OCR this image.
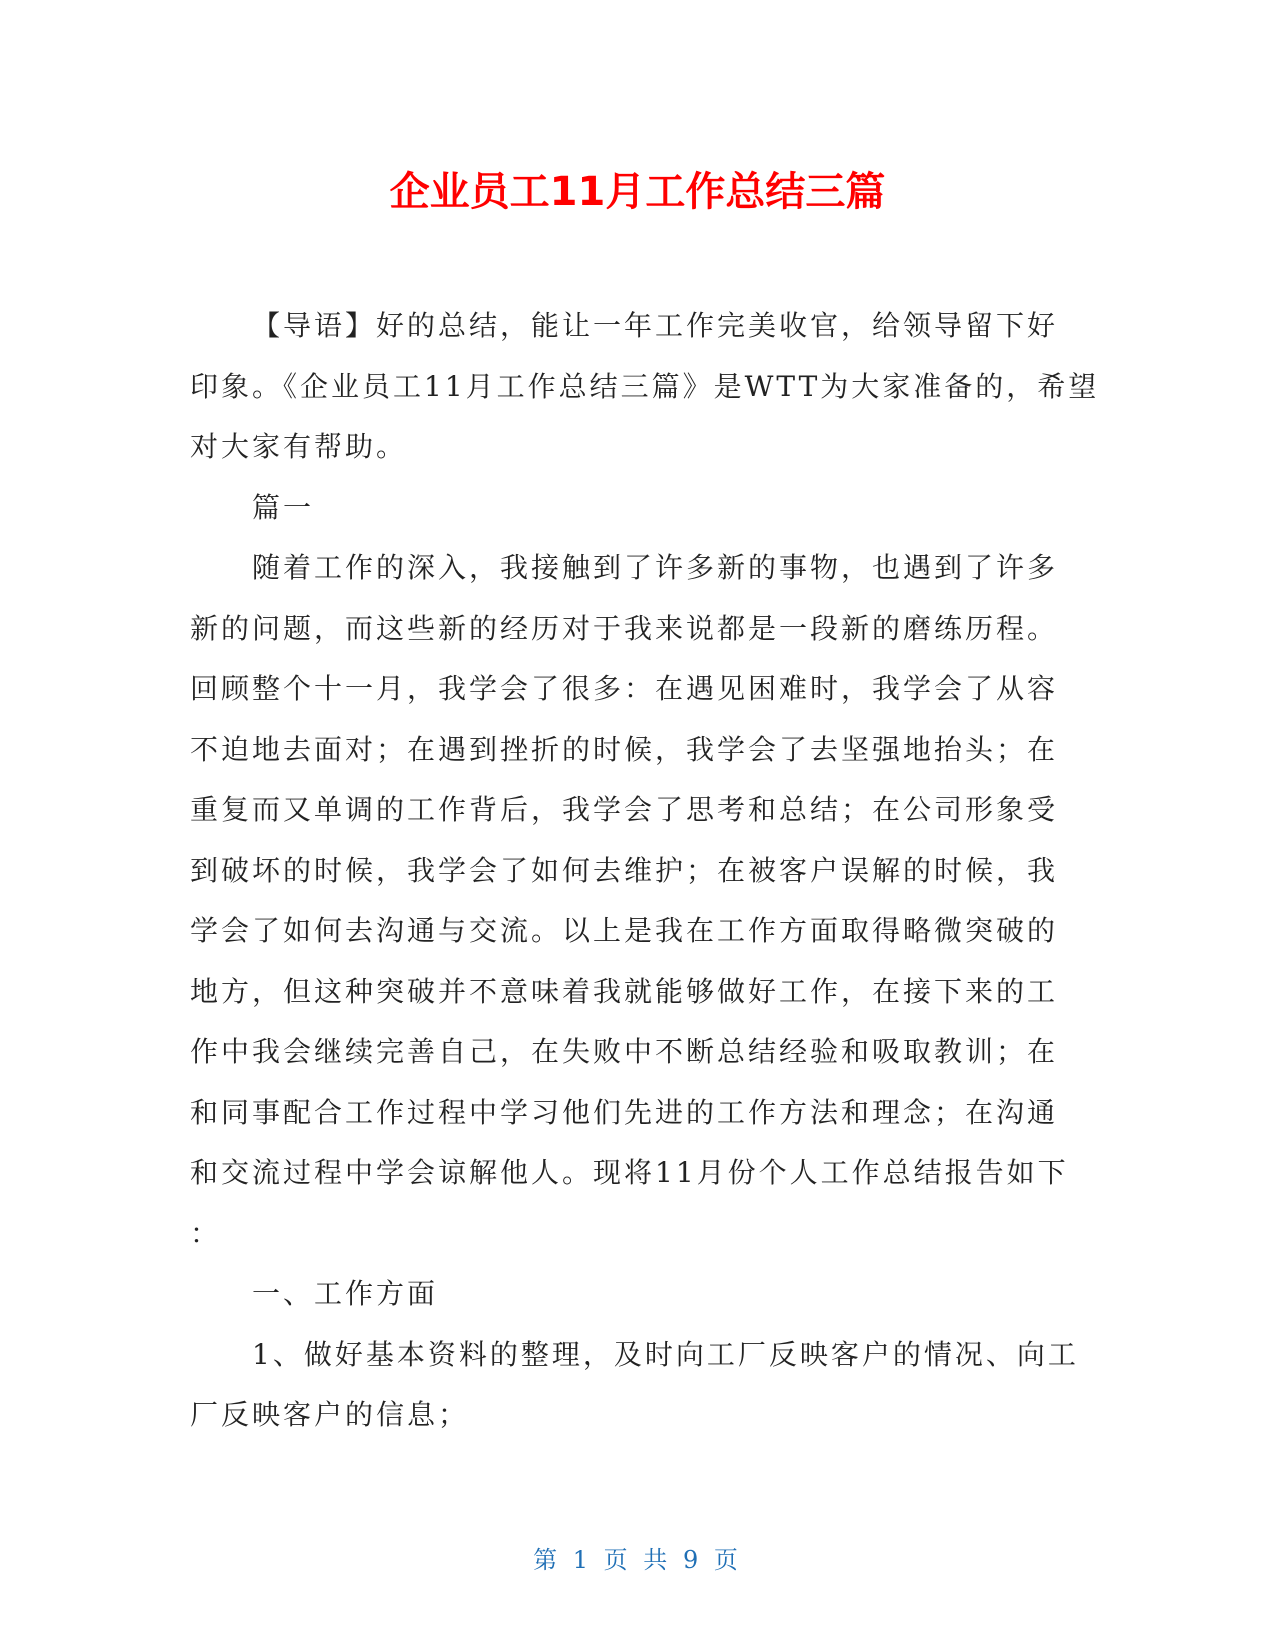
企业员工11月工作总结三篇
【导语】好的总结，能让一年工作完美收官，给领导留下好
印象。《企业员工11月工作总结三篇》是WTT为大家准备的，希望
对大家有帮助。
篇一
随着工作的深入，我接触到了许多新的事物，也遇到了许多
新的问题，而这些新的经历对于我来说都是一段新的磨练历程。
回顾整个十一月，我学会了很多：在遇见困难时，我学会了从容
不迫地去面对；在遇到挫折的时候，我学会了去坚强地抬头；在
重复而又单调的工作背后，我学会了思考和总结；在公司形象受
到破坏的时候，我学会了如何去维护；在被客户误解的时候，我
学会了如何去沟通与交流。以上是我在工作方面取得略微突破的
地方，但这种突破并不意味着我就能够做好工作，在接下来的工
作中我会继续完善自己，在失败中不断总结经验和吸取教训；在
和同事配合工作过程中学习他们先进的工作方法和理念；在沟通
和交流过程中学会谅解他人。现将11月份个人工作总结报告如下
：
一、工作方面
1、做好基本资料的整理，及时向工厂反映客户的情况、向工
厂反映客户的信息；
第 1 页 共 9 页
